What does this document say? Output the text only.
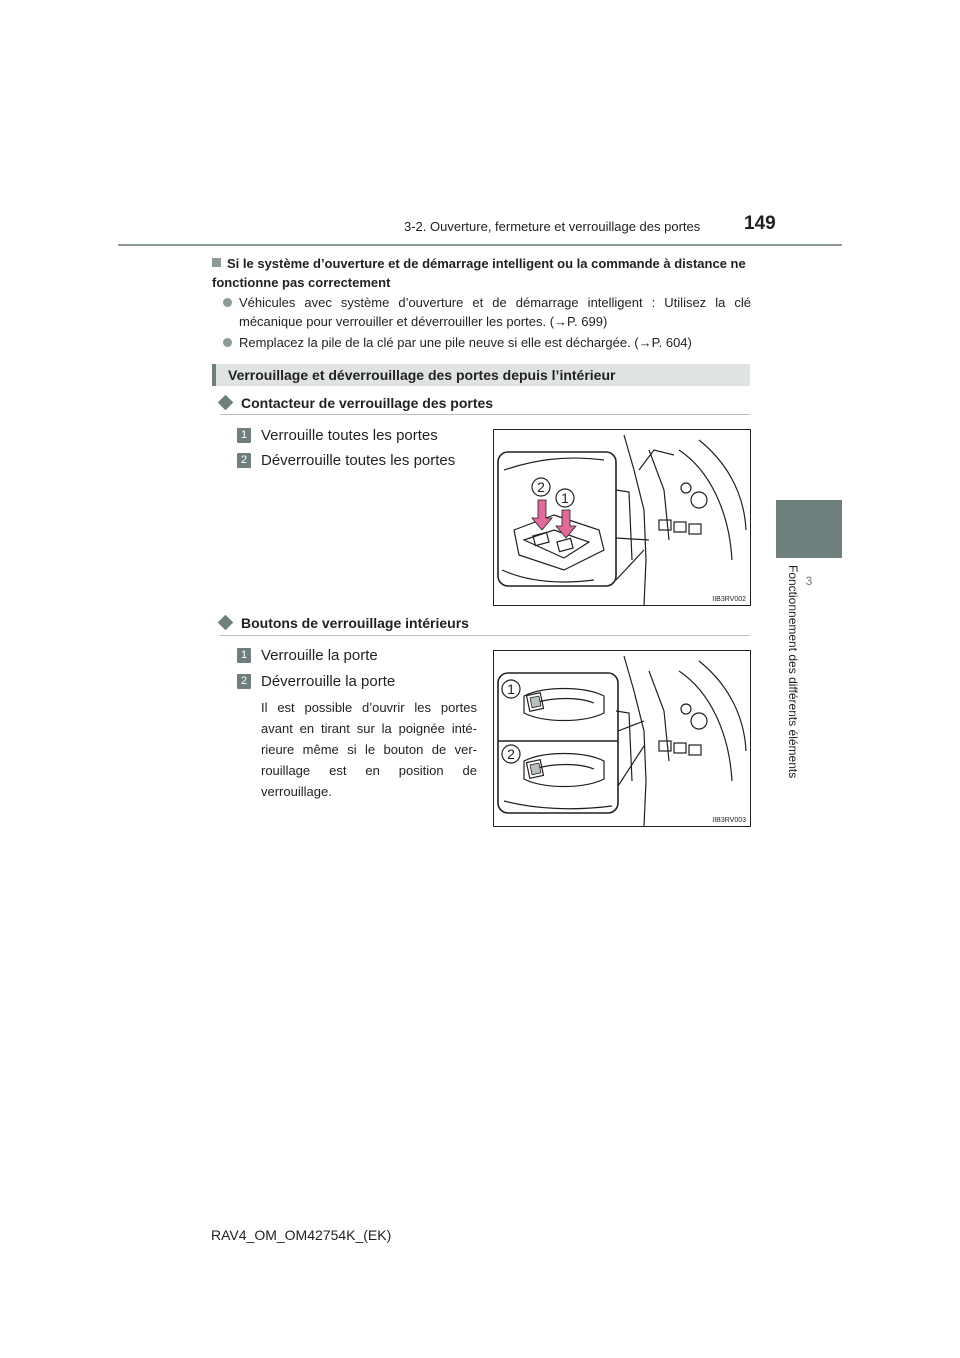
3-2. Ouverture, fermeture et verrouillage des portes 149
3
Fonctionnement des différents éléments
Si le système d’ouverture et de démarrage intelligent ou la commande à distance ne fonctionne pas correctement
Véhicules avec système d’ouverture et de démarrage intelligent : Utilisez la clé mécanique pour verrouiller et déverrouiller les portes. (→P. 699)
Remplacez la pile de la clé par une pile neuve si elle est déchargée. (→P. 604)
Verrouillage et déverrouillage des portes depuis l’intérieur
Contacteur de verrouillage des portes
1 Verrouille toutes les portes
2 Déverrouille toutes les portes
2
1
IIB3RV002
Boutons de verrouillage intérieurs
1 Verrouille la porte
2 Déverrouille la porte
Il est possible d’ouvrir les portes avant en tirant sur la poignée inté-rieure même si le bouton de ver-rouillage est en position de verrouillage.
1
2
IIB3RV003
RAV4_OM_OM42754K_(EK)
